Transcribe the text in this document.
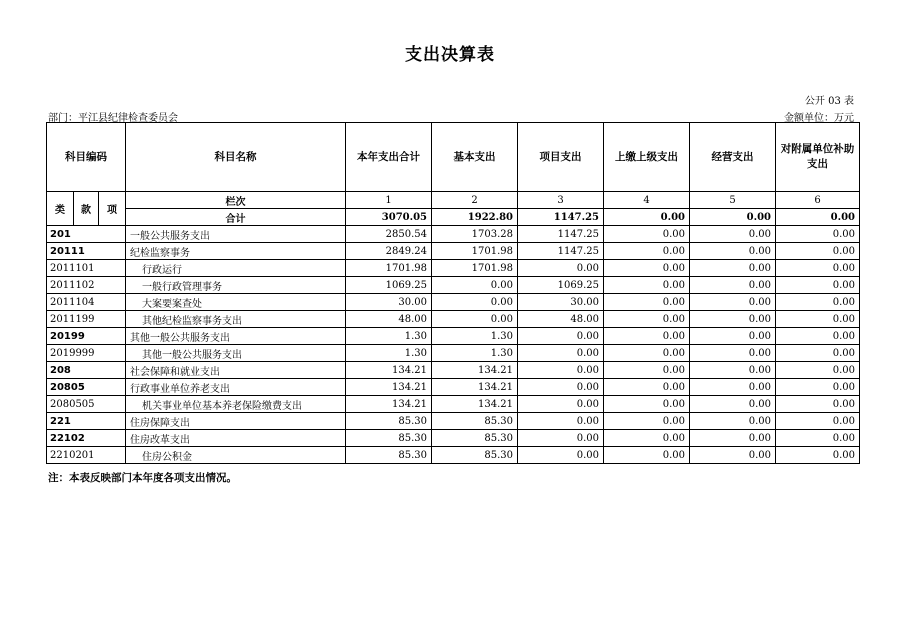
支出决算表
公开 03 表
部门：平江县纪律检查委员会	金额单位：万元
科目编码			科目名称	本年支出合计	基本支出	项目支出	上缴上级支出	经营支出	对附属单位补助支出
类	款	项	栏次	1	2	3	4	5	6
			合计	3070.05	1922.80	1147.25	0.00	0.00	0.00
201			一般公共服务支出	2850.54	1703.28	1147.25	0.00	0.00	0.00
20111			纪检监察事务	2849.24	1701.98	1147.25	0.00	0.00	0.00
2011101			行政运行	1701.98	1701.98	0.00	0.00	0.00	0.00
2011102			一般行政管理事务	1069.25	0.00	1069.25	0.00	0.00	0.00
2011104			大案要案查处	30.00	0.00	30.00	0.00	0.00	0.00
2011199			其他纪检监察事务支出	48.00	0.00	48.00	0.00	0.00	0.00
20199			其他一般公共服务支出	1.30	1.30	0.00	0.00	0.00	0.00
2019999			其他一般公共服务支出	1.30	1.30	0.00	0.00	0.00	0.00
208			社会保障和就业支出	134.21	134.21	0.00	0.00	0.00	0.00
20805			行政事业单位养老支出	134.21	134.21	0.00	0.00	0.00	0.00
2080505			机关事业单位基本养老保险缴费支出	134.21	134.21	0.00	0.00	0.00	0.00
221			住房保障支出	85.30	85.30	0.00	0.00	0.00	0.00
22102			住房改革支出	85.30	85.30	0.00	0.00	0.00	0.00
2210201			住房公积金	85.30	85.30	0.00	0.00	0.00	0.00
注：本表反映部门本年度各项支出情况。
